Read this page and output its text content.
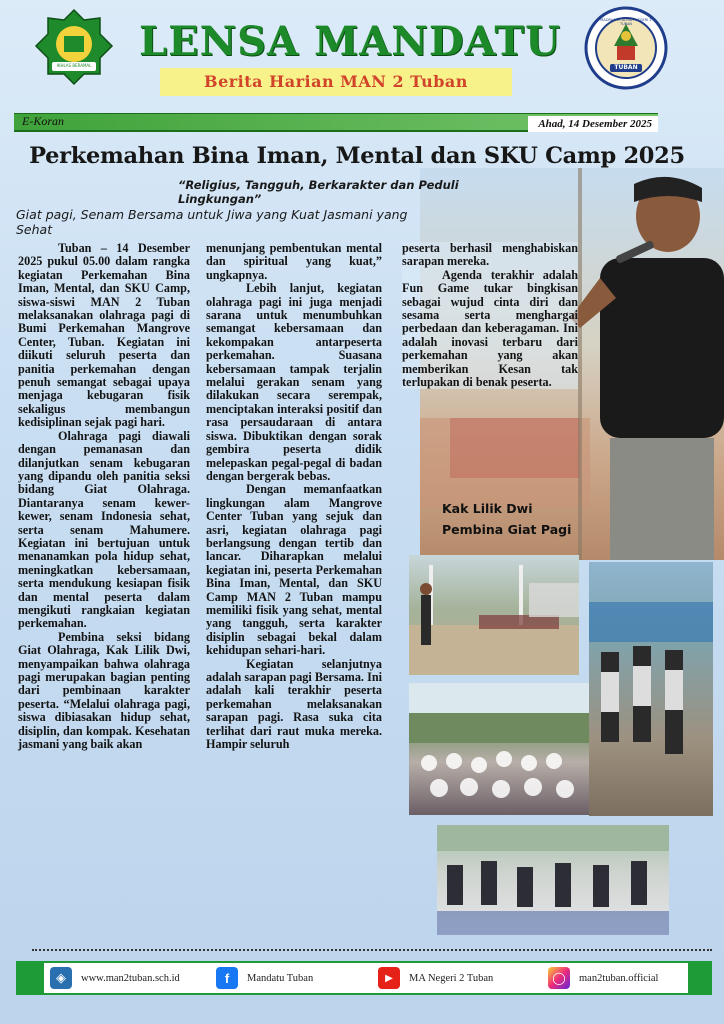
IKHLAS BERAMAL
LENSA MANDATU
Berita Harian MAN 2 Tuban
MADRASAH ALIYAH NEGERI 2 TUBAN
TUBAN
E-Koran	Ahad, 14 Desember 2025
Kak Lilik Dwi
Pembina Giat Pagi
Perkemahan Bina Iman, Mental dan SKU Camp 2025
“Religius, Tangguh, Berkarakter dan Peduli Lingkungan”
Giat pagi, Senam Bersama untuk Jiwa yang Kuat Jasmani yang Sehat

Tuban – 14 Desember 2025 pukul 05.00 dalam rangka kegiatan Perkemahan Bina Iman, Mental, dan SKU Camp, siswa-siswi MAN 2 Tuban melaksanakan olahraga pagi di Bumi Perkemahan Mangrove Center, Tuban. Kegiatan ini diikuti seluruh peserta dan panitia perkemahan dengan penuh semangat sebagai upaya menjaga kebugaran fisik sekaligus membangun kedisiplinan sejak pagi hari.

Olahraga pagi diawali dengan pemanasan dan dilanjutkan senam kebugaran yang dipandu oleh panitia seksi bidang Giat Olahraga. Diantaranya senam kewer-kewer, senam Indonesia sehat, serta senam Mahumere. Kegiatan ini bertujuan untuk menanamkan pola hidup sehat, meningkatkan kebersamaan, serta mendukung kesiapan fisik dan mental peserta dalam mengikuti rangkaian kegiatan perkemahan.

Pembina seksi bidang Giat Olahraga, Kak Lilik Dwi, menyampaikan bahwa olahraga pagi merupakan bagian penting dari pembinaan karakter peserta. “Melalui olahraga pagi, siswa dibiasakan hidup sehat, disiplin, dan kompak. Kesehatan jasmani yang baik akan

menunjang pembentukan mental dan spiritual yang kuat,” ungkapnya.

Lebih lanjut, kegiatan olahraga pagi ini juga menjadi sarana untuk menumbuhkan semangat kebersamaan dan kekompakan antarpeserta perkemahan. Suasana kebersamaan tampak terjalin melalui gerakan senam yang dilakukan secara serempak, menciptakan interaksi positif dan rasa persaudaraan di antara siswa. Dibuktikan dengan sorak gembira peserta didik melepaskan pegal-pegal di badan dengan bergerak bebas.

Dengan memanfaatkan lingkungan alam Mangrove Center Tuban yang sejuk dan asri, kegiatan olahraga pagi berlangsung dengan tertib dan lancar. Diharapkan melalui kegiatan ini, peserta Perkemahan Bina Iman, Mental, dan SKU Camp MAN 2 Tuban mampu memiliki fisik yang sehat, mental yang tangguh, serta karakter disiplin sebagai bekal dalam kehidupan sehari-hari.

Kegiatan selanjutnya adalah sarapan pagi Bersama. Ini adalah kali terakhir peserta perkemahan melaksanakan sarapan pagi. Rasa suka cita terlihat dari raut muka mereka. Hampir seluruh

peserta berhasil menghabiskan sarapan mereka.

Agenda terakhir adalah Fun Game tukar bingkisan sebagai wujud cinta diri dan sesama serta menghargai perbedaan dan keberagaman. Ini adalah inovasi terbaru dari perkemahan yang akan memberikan Kesan tak terlupakan di benak peserta.

◈	www.man2tuban.sch.id	f	Mandatu Tuban	▶	MA Negeri 2 Tuban	◯	man2tuban.official
